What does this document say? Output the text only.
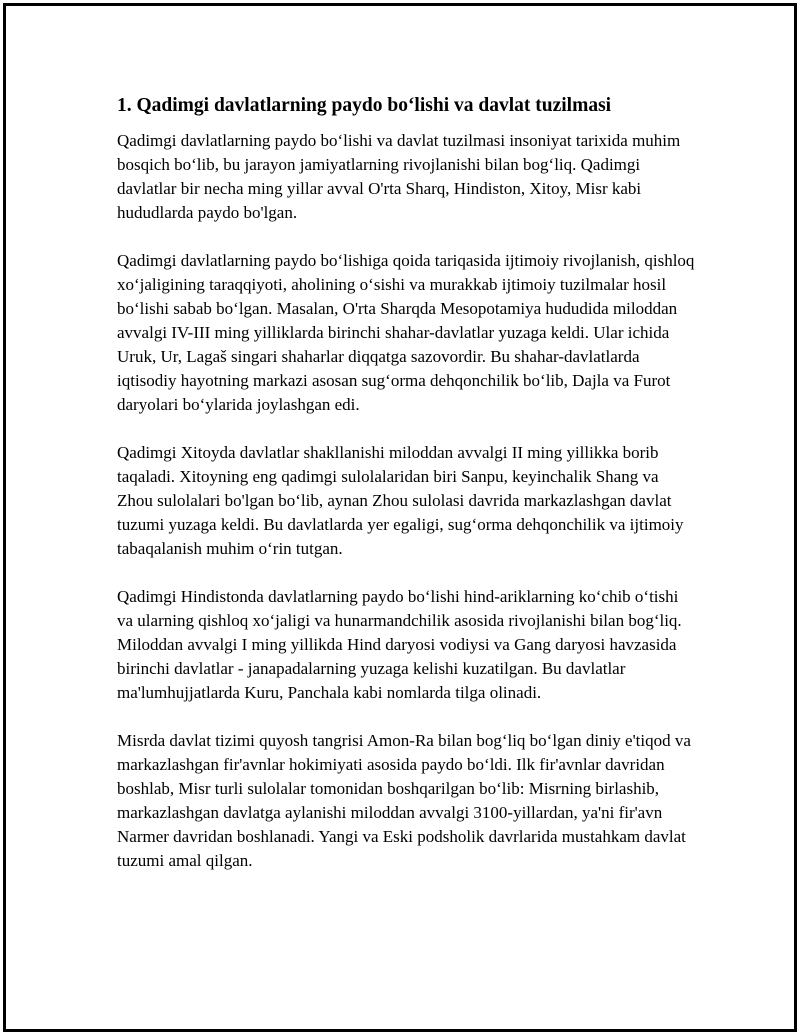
1. Qadimgi davlatlarning paydo bo‘lishi va davlat tuzilmasi

Qadimgi davlatlarning paydo bo‘lishi va davlat tuzilmasi insoniyat tarixida muhim bosqich bo‘lib, bu jarayon jamiyatlarning rivojlanishi bilan bog‘liq. Qadimgi davlatlar bir necha ming yillar avval O'rta Sharq, Hindiston, Xitoy, Misr kabi hududlarda paydo bo'lgan.

Qadimgi davlatlarning paydo bo‘lishiga qoida tariqasida ijtimoiy rivojlanish, qishloq xo‘jaligining taraqqiyoti, aholining o‘sishi va murakkab ijtimoiy tuzilmalar hosil bo‘lishi sabab bo‘lgan. Masalan, O'rta Sharqda Mesopotamiya hududida miloddan avvalgi IV-III ming yilliklarda birinchi shahar-davlatlar yuzaga keldi. Ular ichida Uruk, Ur, Lagaš singari shaharlar diqqatga sazovordir. Bu shahar-davlatlarda iqtisodiy hayotning markazi asosan sug‘orma dehqonchilik bo‘lib, Dajla va Furot daryolari bo‘ylarida joylashgan edi.

Qadimgi Xitoyda davlatlar shakllanishi miloddan avvalgi II ming yillikka borib taqaladi. Xitoyning eng qadimgi sulolalaridan biri Sanpu, keyinchalik Shang va Zhou sulolalari bo'lgan bo‘lib, aynan Zhou sulolasi davrida markazlashgan davlat tuzumi yuzaga keldi. Bu davlatlarda yer egaligi, sug‘orma dehqonchilik va ijtimoiy tabaqalanish muhim o‘rin tutgan.

Qadimgi Hindistonda davlatlarning paydo bo‘lishi hind-ariklarning ko‘chib o‘tishi va ularning qishloq xo‘jaligi va hunarmandchilik asosida rivojlanishi bilan bog‘liq. Miloddan avvalgi I ming yillikda Hind daryosi vodiysi va Gang daryosi havzasida birinchi davlatlar - janapadalarning yuzaga kelishi kuzatilgan. Bu davlatlar ma'lumhujjatlarda Kuru, Panchala kabi nomlarda tilga olinadi.

Misrda davlat tizimi quyosh tangrisi Amon-Ra bilan bog‘liq bo‘lgan diniy e'tiqod va markazlashgan fir'avnlar hokimiyati asosida paydo bo‘ldi. Ilk fir'avnlar davridan boshlab, Misr turli sulolalar tomonidan boshqarilgan bo‘lib: Misrning birlashib, markazlashgan davlatga aylanishi miloddan avvalgi 3100-yillardan, ya'ni fir'avn Narmer davridan boshlanadi. Yangi va Eski podsholik davrlarida mustahkam davlat tuzumi amal qilgan.
